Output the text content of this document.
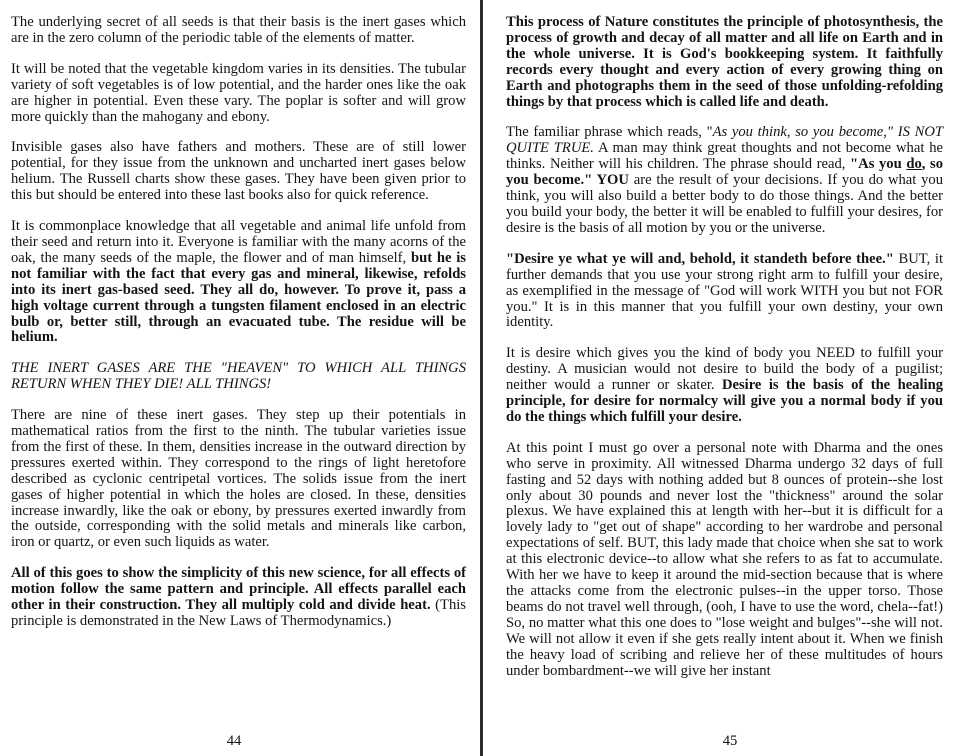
The underlying secret of all seeds is that their basis is the inert gases which are in the zero column of the periodic table of the elements of matter.

It will be noted that the vegetable kingdom varies in its densities. The tubular variety of soft vegetables is of low potential, and the harder ones like the oak are higher in potential. Even these vary. The poplar is softer and will grow more quickly than the mahogany and ebony.

Invisible gases also have fathers and mothers. These are of still lower potential, for they issue from the unknown and uncharted inert gases below helium. The Russell charts show these gases. They have been given prior to this but should be entered into these last books also for quick reference.

It is commonplace knowledge that all vegetable and animal life unfold from their seed and return into it. Everyone is familiar with the many acorns of the oak, the many seeds of the maple, the flower and of man himself, but he is not familiar with the fact that every gas and mineral, likewise, refolds into its inert gas-based seed. They all do, however. To prove it, pass a high voltage current through a tungsten filament enclosed in an electric bulb or, better still, through an evacuated tube. The residue will be helium.

THE INERT GASES ARE THE "HEAVEN" TO WHICH ALL THINGS RETURN WHEN THEY DIE! ALL THINGS!

There are nine of these inert gases. They step up their potentials in mathematical ratios from the first to the ninth. The tubular varieties issue from the first of these. In them, densities increase in the outward direction by pressures exerted within. They correspond to the rings of light heretofore described as cyclonic centripetal vortices. The solids issue from the inert gases of higher potential in which the holes are closed. In these, densities increase inwardly, like the oak or ebony, by pressures exerted inwardly from the outside, corresponding with the solid metals and minerals like carbon, iron or quartz, or even such liquids as water.

All of this goes to show the simplicity of this new science, for all effects of motion follow the same pattern and principle. All effects parallel each other in their construction. They all multiply cold and divide heat. (This principle is demonstrated in the New Laws of Thermodynamics.)

44

This process of Nature constitutes the principle of photosynthesis, the process of growth and decay of all matter and all life on Earth and in the whole universe. It is God's bookkeeping system. It faithfully records every thought and every action of every growing thing on Earth and photographs them in the seed of those unfolding-refolding things by that process which is called life and death.

The familiar phrase which reads, "As you think, so you become," IS NOT QUITE TRUE. A man may think great thoughts and not become what he thinks. Neither will his children. The phrase should read, "As you do, so you become." YOU are the result of your decisions. If you do what you think, you will also build a better body to do those things. And the better you build your body, the better it will be enabled to fulfill your desires, for desire is the basis of all motion by you or the universe.

"Desire ye what ye will and, behold, it standeth before thee." BUT, it further demands that you use your strong right arm to fulfill your desire, as exemplified in the message of "God will work WITH you but not FOR you." It is in this manner that you fulfill your own destiny, your own identity.

It is desire which gives you the kind of body you NEED to fulfill your destiny. A musician would not desire to build the body of a pugilist; neither would a runner or skater. Desire is the basis of the healing principle, for desire for normalcy will give you a normal body if you do the things which fulfill your desire.

At this point I must go over a personal note with Dharma and the ones who serve in proximity. All witnessed Dharma undergo 32 days of full fasting and 52 days with nothing added but 8 ounces of protein--she lost only about 30 pounds and never lost the "thickness" around the solar plexus. We have explained this at length with her--but it is difficult for a lovely lady to "get out of shape" according to her wardrobe and personal expectations of self. BUT, this lady made that choice when she sat to work at this electronic device--to allow what she refers to as fat to accumulate. With her we have to keep it around the mid-section because that is where the attacks come from the electronic pulses--in the upper torso. Those beams do not travel well through, (ooh, I have to use the word, chela--fat!) So, no matter what this one does to "lose weight and bulges"--she will not. We will not allow it even if she gets really intent about it. When we finish the heavy load of scribing and relieve her of these multitudes of hours under bombardment--we will give her instant

45
